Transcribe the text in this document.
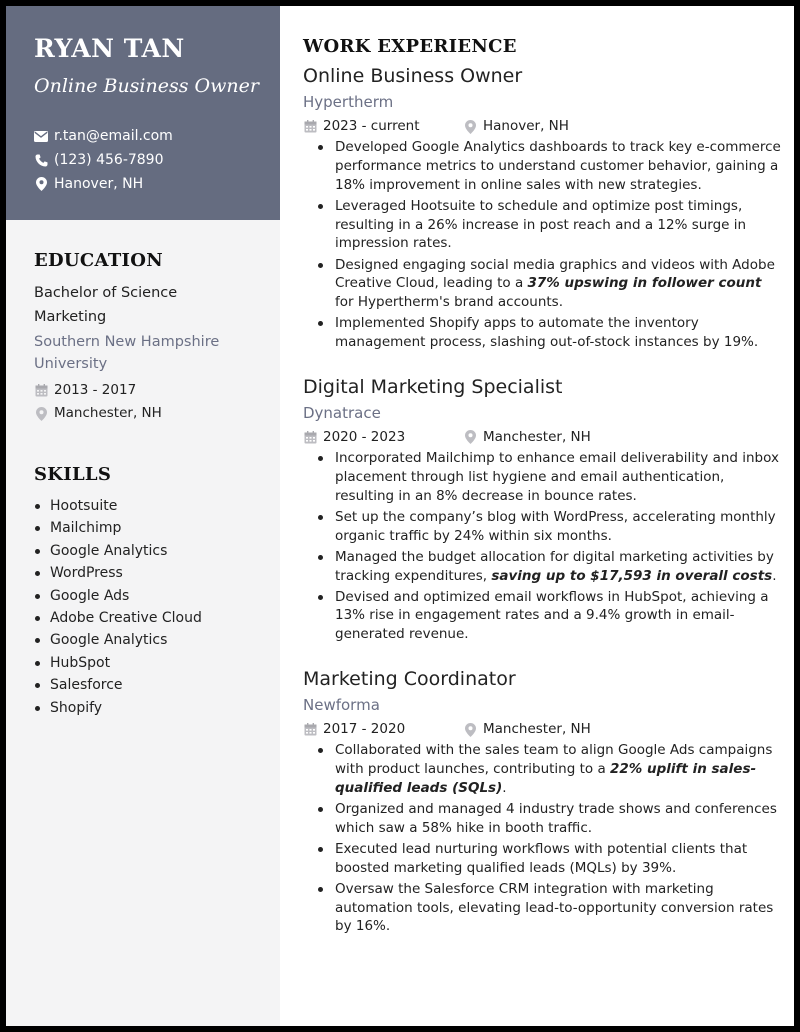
RYAN TAN
Online Business Owner
r.tan@email.com
(123) 456-7890
Hanover, NH
EDUCATION
Bachelor of Science
Marketing
Southern New Hampshire University
2013 - 2017
Manchester, NH
SKILLS
Hootsuite
Mailchimp
Google Analytics
WordPress
Google Ads
Adobe Creative Cloud
Google Analytics
HubSpot
Salesforce
Shopify
WORK EXPERIENCE
Online Business Owner
Hypertherm
2023 - current	Hanover, NH
Developed Google Analytics dashboards to track key e-commerce performance metrics to understand customer behavior, gaining a 18% improvement in online sales with new strategies.
Leveraged Hootsuite to schedule and optimize post timings, resulting in a 26% increase in post reach and a 12% surge in impression rates.
Designed engaging social media graphics and videos with Adobe Creative Cloud, leading to a 37% upswing in follower count for Hypertherm's brand accounts.
Implemented Shopify apps to automate the inventory management process, slashing out-of-stock instances by 19%.
Digital Marketing Specialist
Dynatrace
2020 - 2023	Manchester, NH
Incorporated Mailchimp to enhance email deliverability and inbox placement through list hygiene and email authentication, resulting in an 8% decrease in bounce rates.
Set up the company’s blog with WordPress, accelerating monthly organic traffic by 24% within six months.
Managed the budget allocation for digital marketing activities by tracking expenditures, saving up to $17,593 in overall costs.
Devised and optimized email workflows in HubSpot, achieving a 13% rise in engagement rates and a 9.4% growth in email-generated revenue.
Marketing Coordinator
Newforma
2017 - 2020	Manchester, NH
Collaborated with the sales team to align Google Ads campaigns with product launches, contributing to a 22% uplift in sales-qualified leads (SQLs).
Organized and managed 4 industry trade shows and conferences which saw a 58% hike in booth traffic.
Executed lead nurturing workflows with potential clients that boosted marketing qualified leads (MQLs) by 39%.
Oversaw the Salesforce CRM integration with marketing automation tools, elevating lead-to-opportunity conversion rates by 16%.
